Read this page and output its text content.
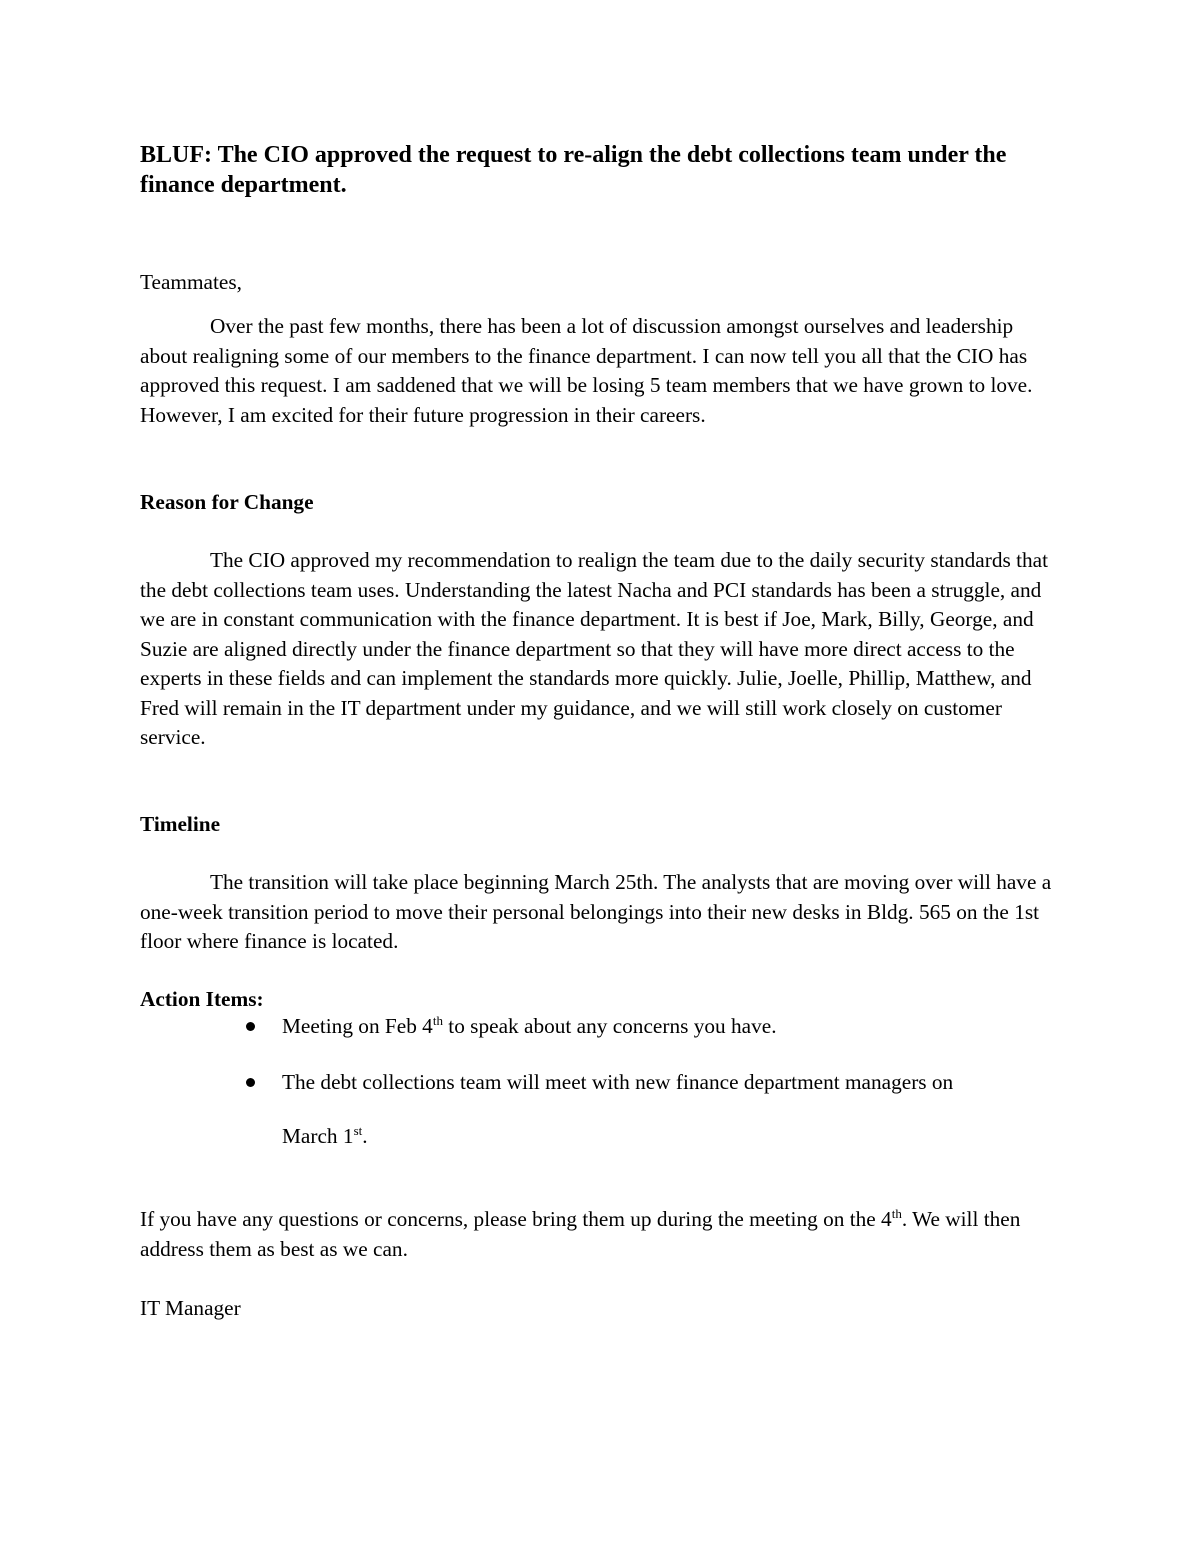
BLUF: The CIO approved the request to re-align the debt collections team under the finance department.
Teammates,
Over the past few months, there has been a lot of discussion amongst ourselves and leadership about realigning some of our members to the finance department. I can now tell you all that the CIO has approved this request. I am saddened that we will be losing 5 team members that we have grown to love. However, I am excited for their future progression in their careers.
Reason for Change
The CIO approved my recommendation to realign the team due to the daily security standards that the debt collections team uses. Understanding the latest Nacha and PCI standards has been a struggle, and we are in constant communication with the finance department. It is best if Joe, Mark, Billy, George, and Suzie are aligned directly under the finance department so that they will have more direct access to the experts in these fields and can implement the standards more quickly. Julie, Joelle, Phillip, Matthew, and Fred will remain in the IT department under my guidance, and we will still work closely on customer service.
Timeline
The transition will take place beginning March 25th. The analysts that are moving over will have a one-week transition period to move their personal belongings into their new desks in Bldg. 565 on the 1st floor where finance is located.
Action Items:
Meeting on Feb 4th to speak about any concerns you have.
The debt collections team will meet with new finance department managers on
March 1st.
If you have any questions or concerns, please bring them up during the meeting on the 4th. We will then address them as best as we can.
IT Manager
